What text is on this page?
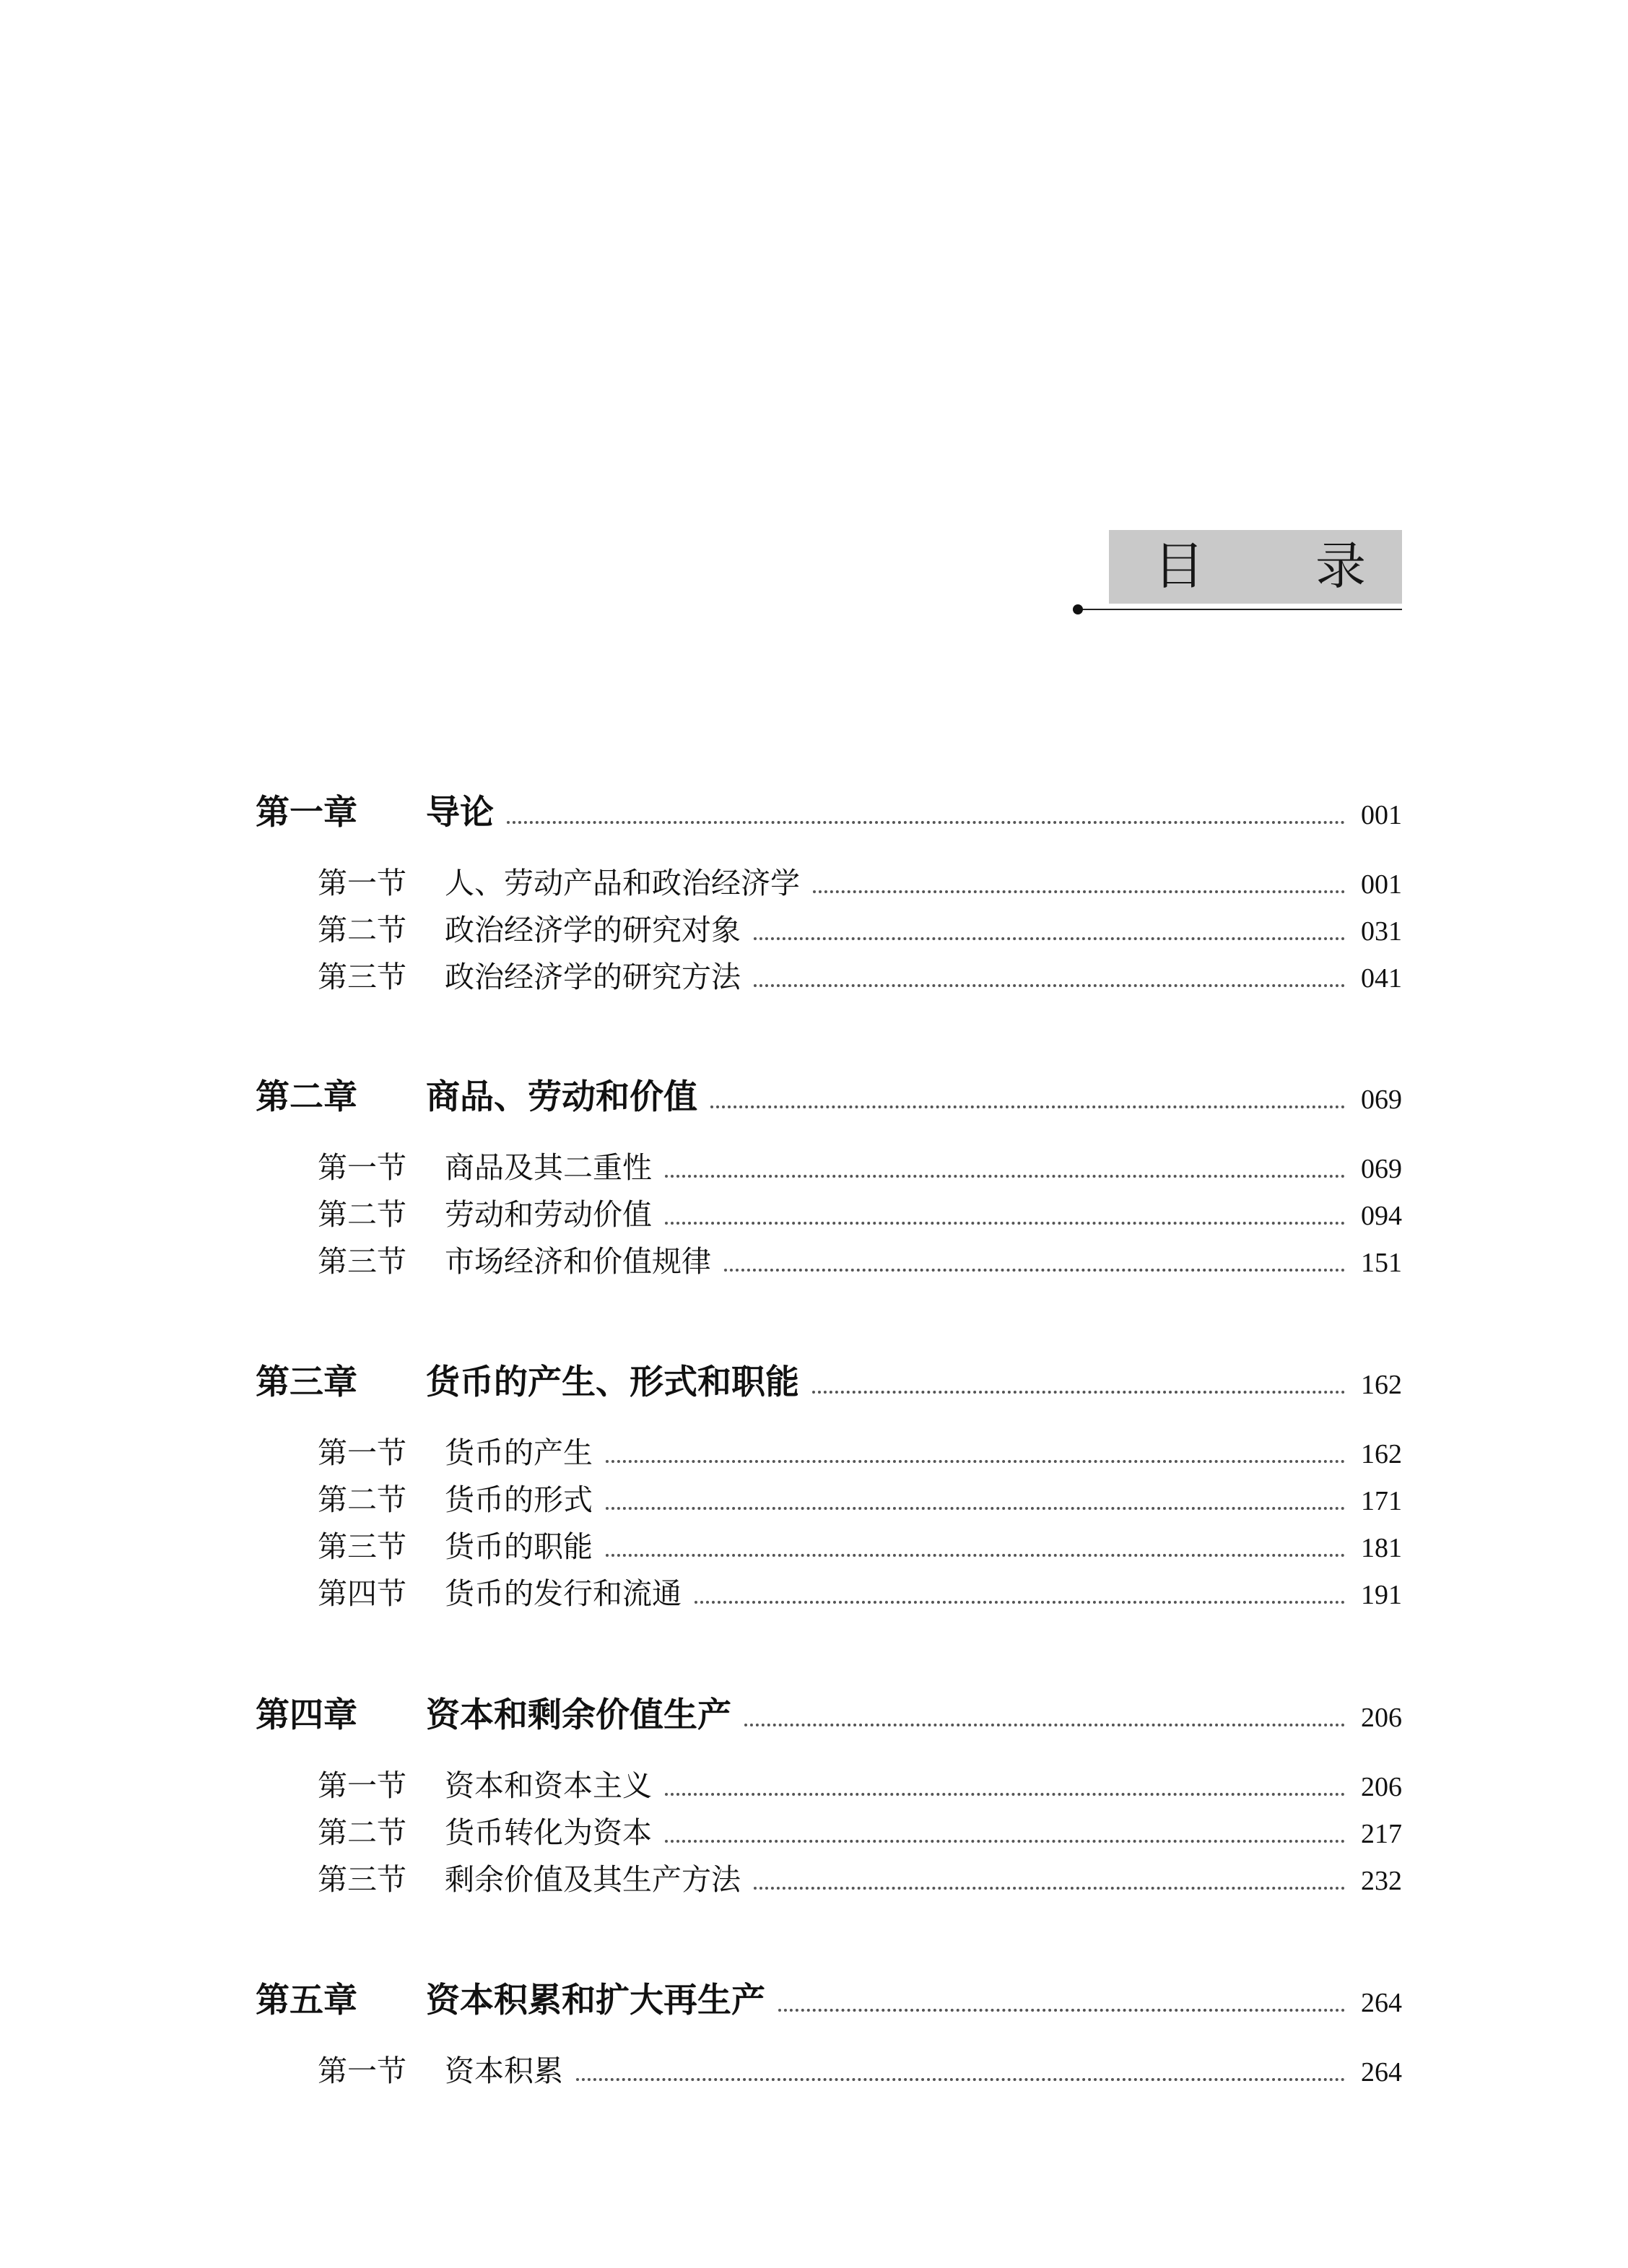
目 录
第一章	导论	001
第一节	人、劳动产品和政治经济学	001
第二节	政治经济学的研究对象	031
第三节	政治经济学的研究方法	041
第二章	商品、劳动和价值	069
第一节	商品及其二重性	069
第二节	劳动和劳动价值	094
第三节	市场经济和价值规律	151
第三章	货币的产生、形式和职能	162
第一节	货币的产生	162
第二节	货币的形式	171
第三节	货币的职能	181
第四节	货币的发行和流通	191
第四章	资本和剩余价值生产	206
第一节	资本和资本主义	206
第二节	货币转化为资本	217
第三节	剩余价值及其生产方法	232
第五章	资本积累和扩大再生产	264
第一节	资本积累	264
